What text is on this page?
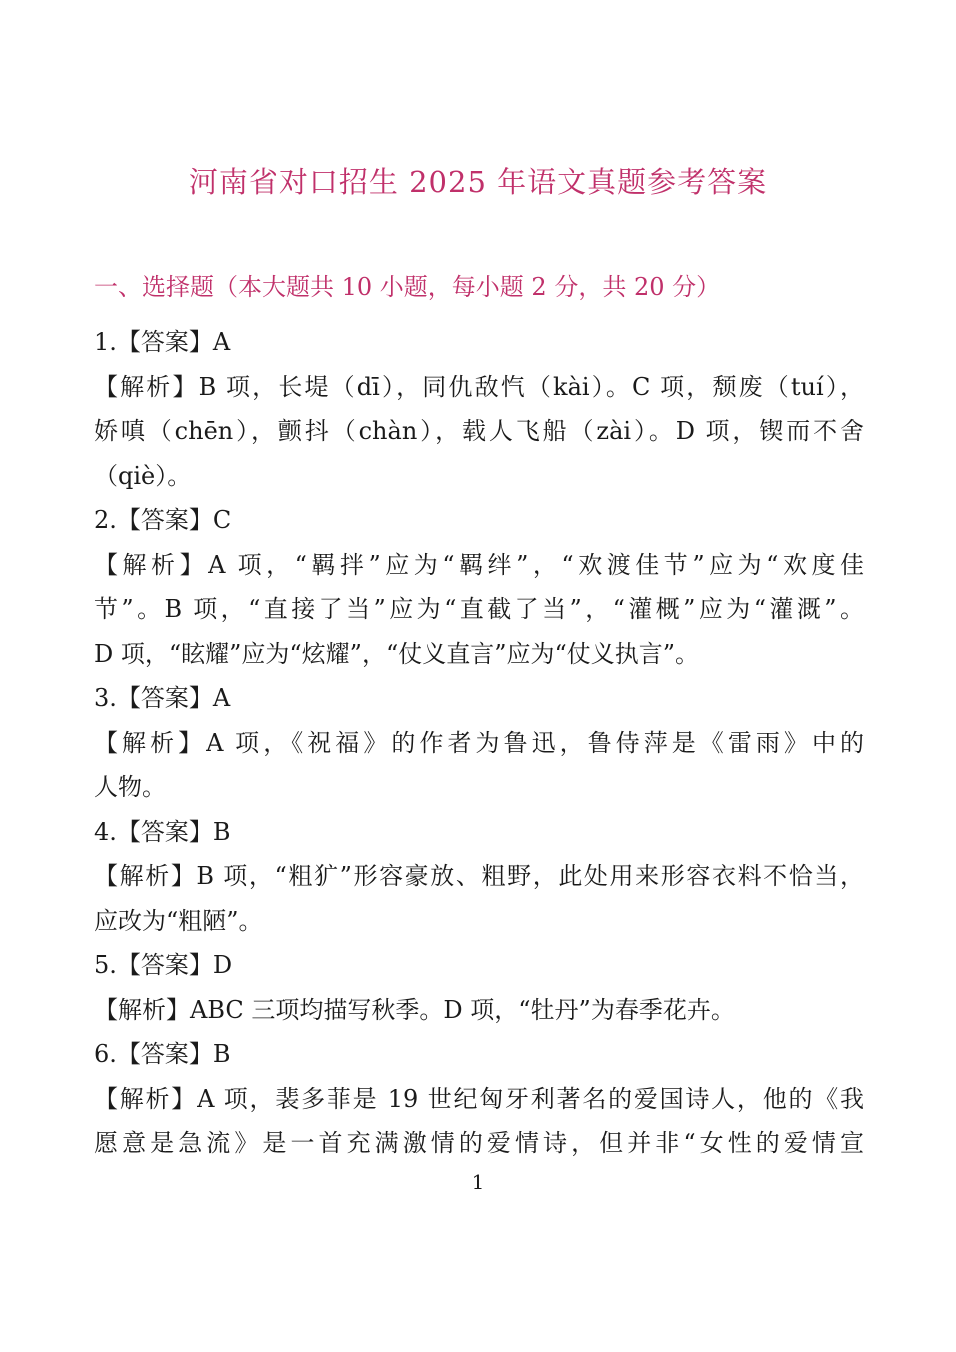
河南省对口招生 2025 年语文真题参考答案
一、选择题（本大题共 10 小题，每小题 2 分，共 20 分）
1.【答案】A
【解析】B 项，长堤（dī），同仇敌忾（kài）。C 项，颓废（tuí），
娇嗔（chēn），颤抖（chàn），载人飞船（zài）。D 项，锲而不舍
（qiè）。
2.【答案】C
【解析】A 项，“羁拌”应为“羁绊”，“欢渡佳节”应为“欢度佳
节”。B 项，“直接了当”应为“直截了当”，“灌概”应为“灌溉”。
D 项，“眩耀”应为“炫耀”，“仗义直言”应为“仗义执言”。
3.【答案】A
【解析】A 项，《祝福》的作者为鲁迅，鲁侍萍是《雷雨》中的
人物。
4.【答案】B
【解析】B 项，“粗犷”形容豪放、粗野，此处用来形容衣料不恰当，
应改为“粗陋”。
5.【答案】D
【解析】ABC 三项均描写秋季。D 项，“牡丹”为春季花卉。
6.【答案】B
【解析】A 项，裴多菲是 19 世纪匈牙利著名的爱国诗人，他的《我
愿意是急流》是一首充满激情的爱情诗，但并非“女性的爱情宣
1
